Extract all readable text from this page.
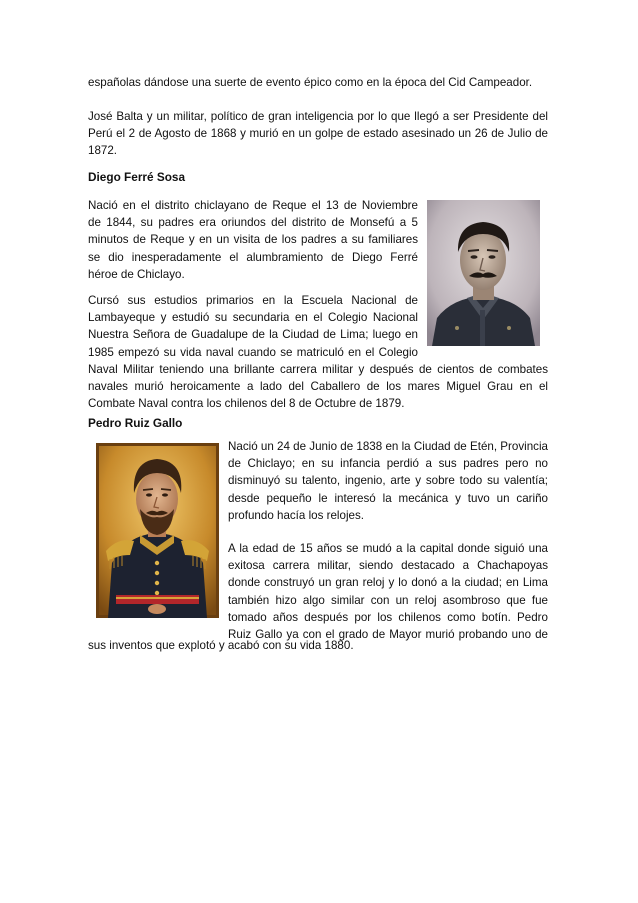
españolas dándose una suerte de evento épico como en la época del Cid Campeador.

José Balta y un militar, político de gran inteligencia por lo que llegó a ser Presidente del
Perú el 2 de Agosto de 1868 y murió en un golpe de estado asesinado un 26 de Julio de
1872.

Diego Ferré Sosa

Nació en el distrito chiclayano de Reque el 13 de Noviembre
de 1844, su padres era oriundos del distrito de Monsefú a 5
minutos de Reque y en un visita de los padres a su familiares
se dio inesperadamente el alumbramiento de Diego Ferré
héroe de Chiclayo.

Cursó sus estudios primarios en la Escuela Nacional de
Lambayeque y estudió su secundaria en el Colegio Nacional
Nuestra Señora de Guadalupe de la Ciudad de Lima; luego en
1985 empezó su vida naval cuando se matriculó en el Colegio

Naval Militar teniendo una brillante carrera militar y después de cientos de combates
navales murió heroicamente a lado del Caballero de los mares Miguel Grau en el
Combate Naval contra los chilenos del 8 de Octubre de 1879.

Pedro Ruiz Gallo

Nació un 24 de Junio de 1838 en la Ciudad de Etén, Provincia
de Chiclayo; en su infancia perdió a sus padres pero no
disminuyó su talento, ingenio, arte y sobre todo su valentía;
desde pequeño le interesó la mecánica y tuvo un cariño
profundo hacía los relojes.

A la edad de 15 años se mudó a la capital donde siguió una
exitosa carrera militar, siendo destacado a Chachapoyas
donde construyó un gran reloj y lo donó a la ciudad; en Lima
también hizo algo similar con un reloj asombroso que fue
tomado años después por los chilenos como botín. Pedro
Ruiz Gallo ya con el grado de Mayor murió probando uno de

sus inventos que explotó y acabó con su vida 1880.
